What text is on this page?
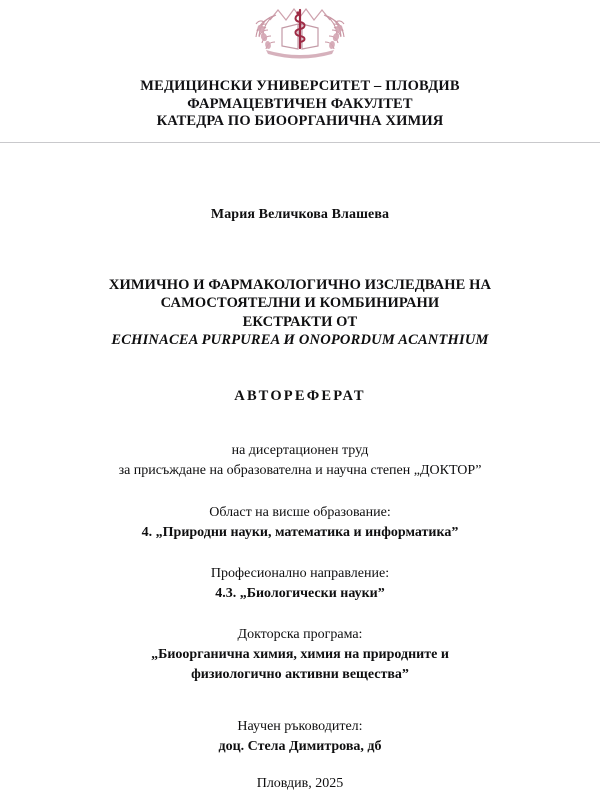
МЕДИЦИНСКИ УНИВЕРСИТЕТ – ПЛОВДИВ
ФАРМАЦЕВТИЧЕН ФАКУЛТЕТ
КАТЕДРА ПО БИООРГАНИЧНА ХИМИЯ
Мария Величкова Влашева
ХИМИЧНО И ФАРМАКОЛОГИЧНО ИЗСЛЕДВАНЕ НА
САМОСТОЯТЕЛНИ И КОМБИНИРАНИ
ЕКСТРАКТИ ОТ
ECHINACEA PURPUREA И ONOPORDUM ACANTHIUM
АВТОРЕФЕРАТ
на дисертационен труд
за присъждане на образователна и научна степен „ДОКТОР”
Област на висше образование:
4. „Природни науки, математика и информатика”
Професионално направление:
4.3. „Биологически науки”
Докторска програма:
„Биоорганична химия, химия на природните и
физиологично активни вещества”
Научен ръководител:
доц. Стела Димитрова, дб
Пловдив, 2025
